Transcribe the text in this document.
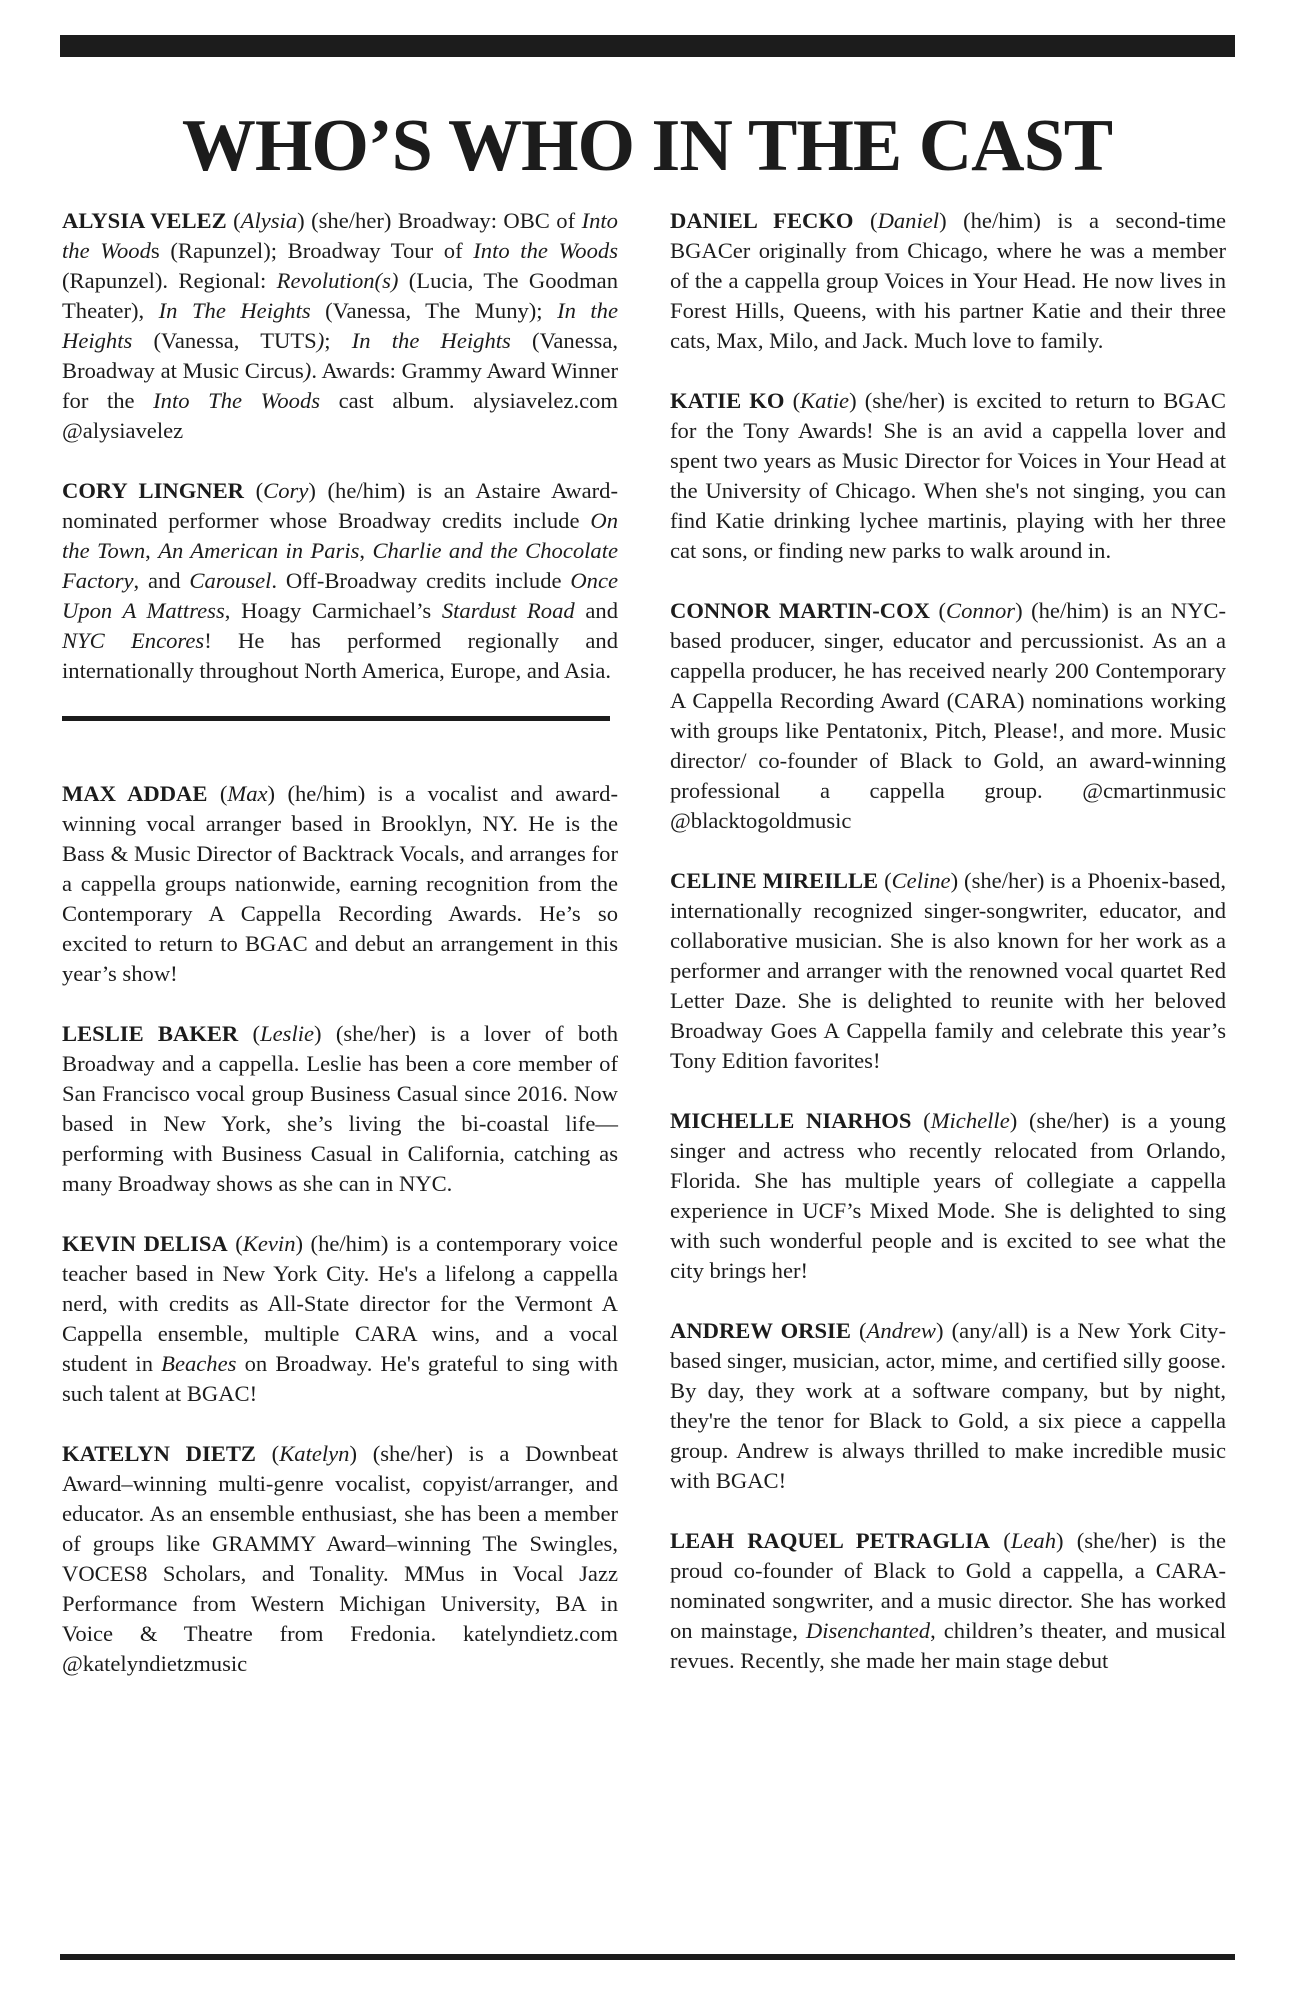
WHO’S WHO IN THE CAST

ALYSIA VELEZ (Alysia) (she/her) Broadway: OBC of Into the Woods (Rapunzel); Broadway Tour of Into the Woods (Rapunzel). Regional: Revolution(s) (Lucia, The Goodman Theater), In The Heights (Vanessa, The Muny); In the Heights (Vanessa, TUTS); In the Heights (Vanessa, Broadway at Music Circus). Awards: Grammy Award Winner for the Into The Woods cast album. alysiavelez.com @alysiavelez

CORY LINGNER (Cory) (he/him) is an Astaire Award-nominated performer whose Broadway credits include On the Town, An American in Paris, Charlie and the Chocolate Factory, and Carousel. Off-Broadway credits include Once Upon A Mattress, Hoagy Carmichael’s Stardust Road and NYC Encores! He has performed regionally and internationally throughout North America, Europe, and Asia.

MAX ADDAE (Max) (he/him) is a vocalist and award-winning vocal arranger based in Brooklyn, NY. He is the Bass & Music Director of Backtrack Vocals, and arranges for a cappella groups nationwide, earning recognition from the Contemporary A Cappella Recording Awards. He’s so excited to return to BGAC and debut an arrangement in this year’s show!

LESLIE BAKER (Leslie) (she/her) is a lover of both Broadway and a cappella. Leslie has been a core member of San Francisco vocal group Business Casual since 2016. Now based in New York, she’s living the bi-coastal life—performing with Business Casual in California, catching as many Broadway shows as she can in NYC.

KEVIN DELISA (Kevin) (he/him) is a contemporary voice teacher based in New York City. He's a lifelong a cappella nerd, with credits as All-State director for the Vermont A Cappella ensemble, multiple CARA wins, and a vocal student in Beaches on Broadway. He's grateful to sing with such talent at BGAC!

KATELYN DIETZ (Katelyn) (she/her) is a Downbeat Award–winning multi-genre vocalist, copyist/arranger, and educator. As an ensemble enthusiast, she has been a member of groups like GRAMMY Award–winning The Swingles, VOCES8 Scholars, and Tonality. MMus in Vocal Jazz Performance from Western Michigan University, BA in Voice & Theatre from Fredonia. katelyndietz.com @katelyndietzmusic

DANIEL FECKO (Daniel) (he/him) is a second-time BGACer originally from Chicago, where he was a member of the a cappella group Voices in Your Head. He now lives in Forest Hills, Queens, with his partner Katie and their three cats, Max, Milo, and Jack. Much love to family.

KATIE KO (Katie) (she/her) is excited to return to BGAC for the Tony Awards! She is an avid a cappella lover and spent two years as Music Director for Voices in Your Head at the University of Chicago. When she's not singing, you can find Katie drinking lychee martinis, playing with her three cat sons, or finding new parks to walk around in.

CONNOR MARTIN-COX (Connor) (he/him) is an NYC-based producer, singer, educator and percussionist. As an a cappella producer, he has received nearly 200 Contemporary A Cappella Recording Award (CARA) nominations working with groups like Pentatonix, Pitch, Please!, and more. Music director/ co-founder of Black to Gold, an award-winning professional a cappella group. @cmartinmusic @blacktogoldmusic

CELINE MIREILLE (Celine) (she/her) is a Phoenix-based, internationally recognized singer-songwriter, educator, and collaborative musician. She is also known for her work as a performer and arranger with the renowned vocal quartet Red Letter Daze. She is delighted to reunite with her beloved Broadway Goes A Cappella family and celebrate this year’s Tony Edition favorites!

MICHELLE NIARHOS (Michelle) (she/her) is a young singer and actress who recently relocated from Orlando, Florida. She has multiple years of collegiate a cappella experience in UCF’s Mixed Mode. She is delighted to sing with such wonderful people and is excited to see what the city brings her!

ANDREW ORSIE (Andrew) (any/all) is a New York City-based singer, musician, actor, mime, and certified silly goose. By day, they work at a software company, but by night, they're the tenor for Black to Gold, a six piece a cappella group. Andrew is always thrilled to make incredible music with BGAC!

LEAH RAQUEL PETRAGLIA (Leah) (she/her) is the proud co-founder of Black to Gold a cappella, a CARA-nominated songwriter, and a music director. She has worked on mainstage, Disenchanted, children’s theater, and musical revues. Recently, she made her main stage debut
